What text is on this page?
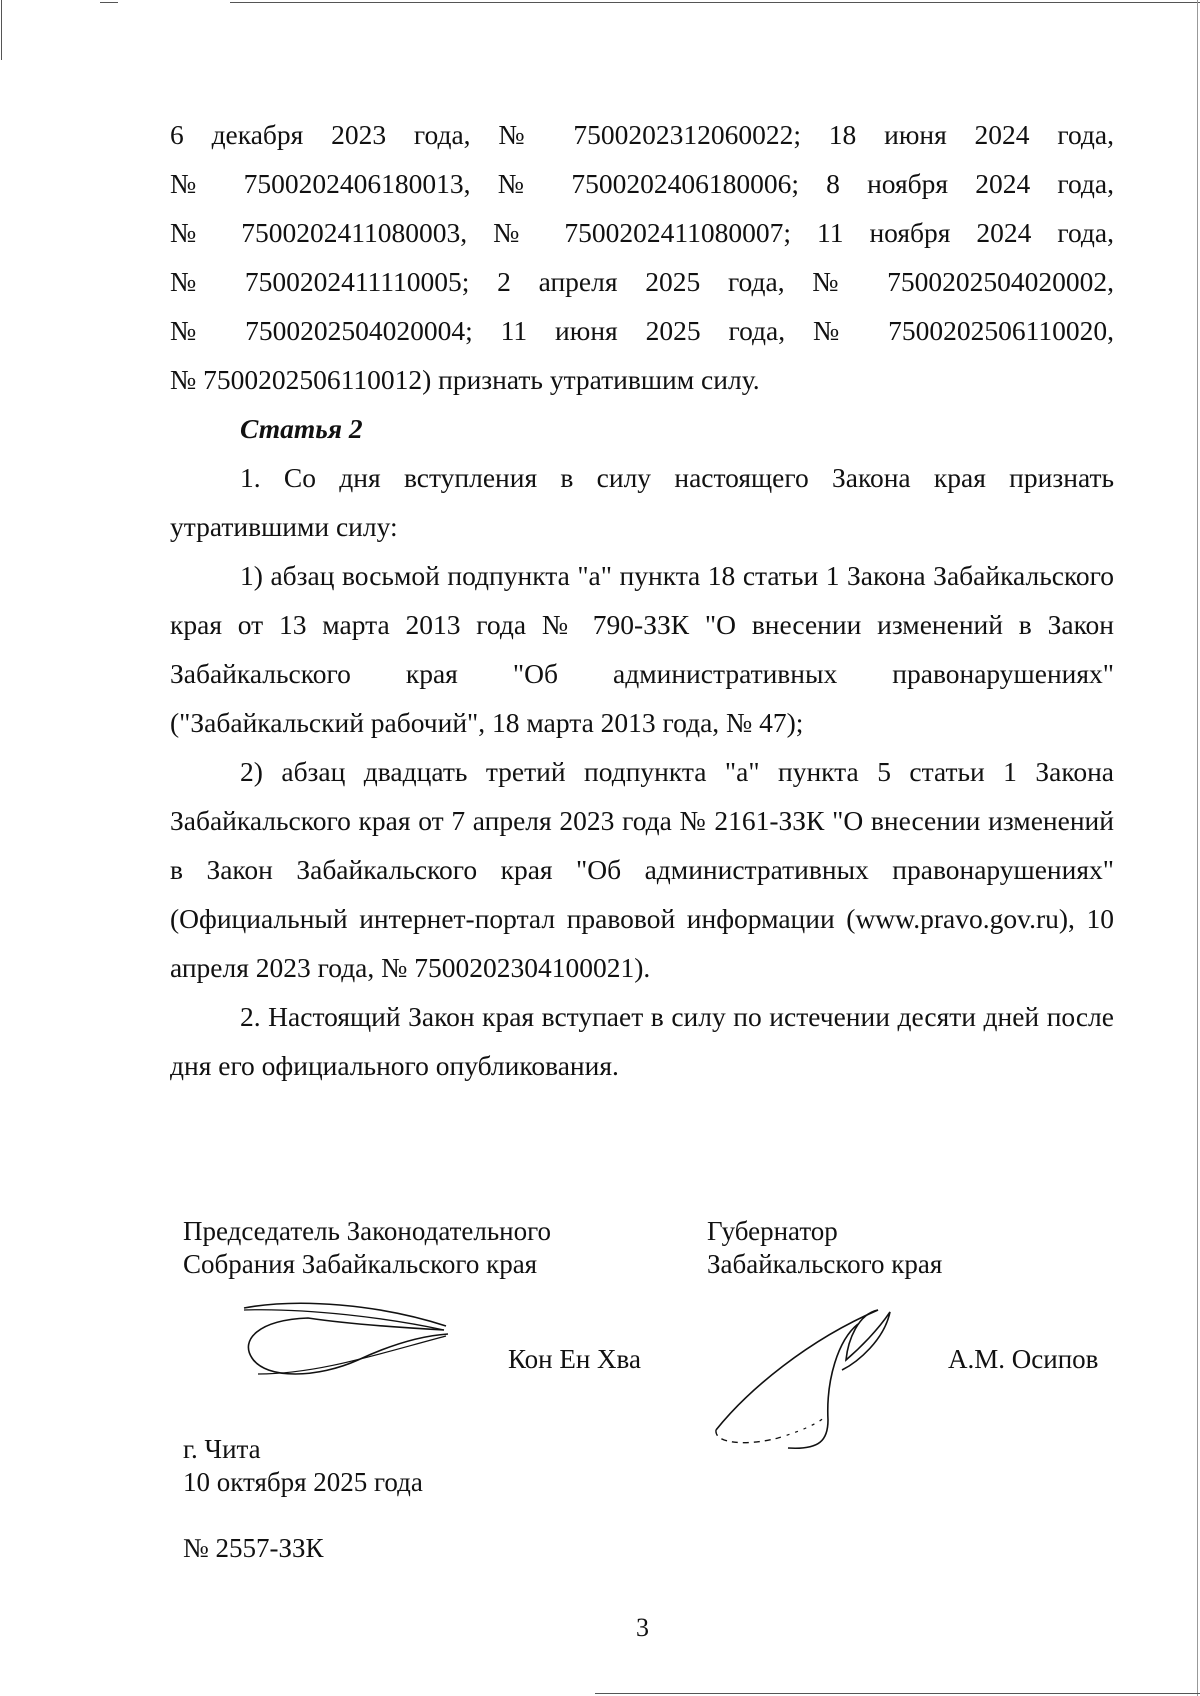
6 декабря 2023 года, № 7500202312060022; 18 июня 2024 года,

№ 7500202406180013, № 7500202406180006; 8 ноября 2024 года,

№ 7500202411080003, № 7500202411080007; 11 ноября 2024 года,

№ 7500202411110005; 2 апреля 2025 года, № 7500202504020002,

№ 7500202504020004; 11 июня 2025 года, № 7500202506110020,

№ 7500202506110012) признать утратившим силу.

Статья 2

1. Со дня вступления в силу настоящего Закона края признать утратившими силу:

1) абзац восьмой подпункта "а" пункта 18 статьи 1 Закона Забайкальского края от 13 марта 2013 года № 790-ЗЗК "О внесении изменений в Закон Забайкальского края "Об административных правонарушениях" ("Забайкальский рабочий", 18 марта 2013 года, № 47);

2) абзац двадцать третий подпункта "а" пункта 5 статьи 1 Закона Забайкальского края от 7 апреля 2023 года № 2161-ЗЗК "О внесении изменений в Закон Забайкальского края "Об административных правонарушениях" (Официальный интернет-портал правовой информации (www.pravo.gov.ru), 10 апреля 2023 года, № 7500202304100021).

2. Настоящий Закон края вступает в силу по истечении десяти дней после дня его официального опубликования.

Председатель Законодательного
Собрания Забайкальского края
Кон Ен Хва
Губернатор
Забайкальского края
А.М. Осипов
г. Чита
10 октября 2025 года
№ 2557-ЗЗК
3
